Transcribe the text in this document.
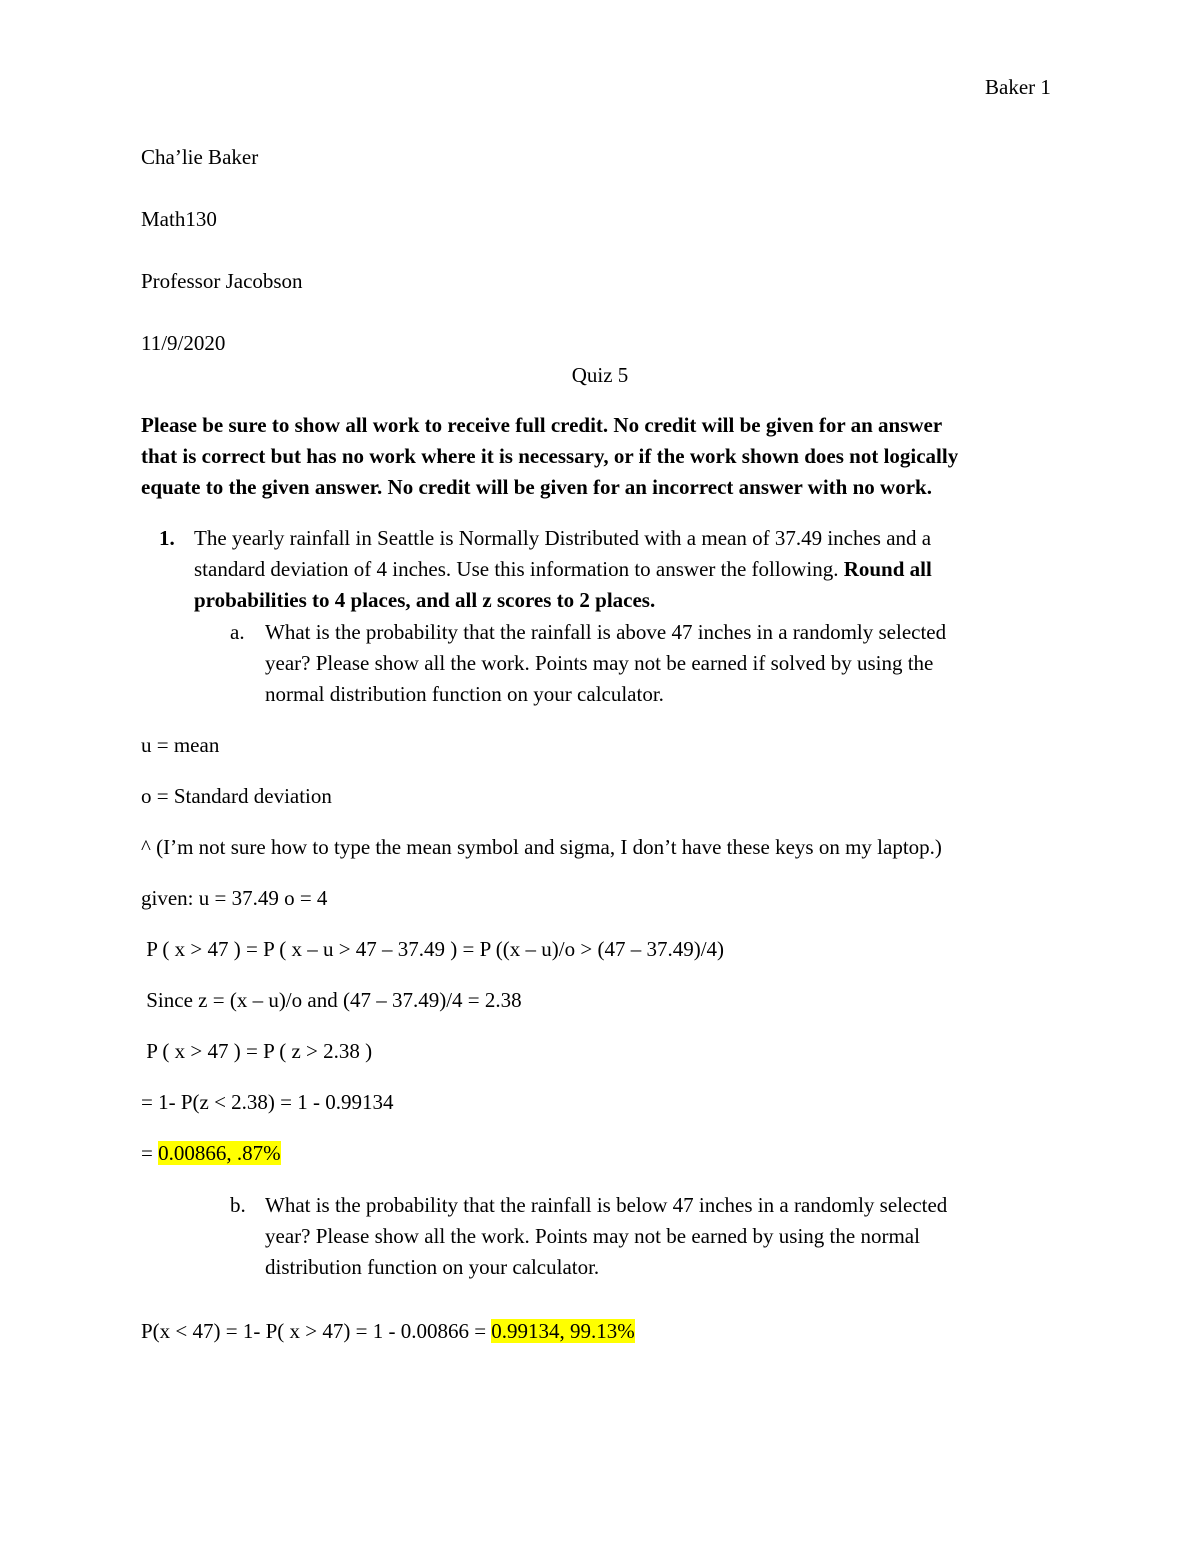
Baker 1
Cha’lie Baker
Math130
Professor Jacobson
11/9/2020
Quiz 5
Please be sure to show all work to receive full credit. No credit will be given for an answer
that is correct but has no work where it is necessary, or if the work shown does not logically
equate to the given answer. No credit will be given for an incorrect answer with no work.
1. The yearly rainfall in Seattle is Normally Distributed with a mean of 37.49 inches and a
standard deviation of 4 inches. Use this information to answer the following. Round all
probabilities to 4 places, and all z scores to 2 places.
a. What is the probability that the rainfall is above 47 inches in a randomly selected
year? Please show all the work. Points may not be earned if solved by using the
normal distribution function on your calculator.
u = mean
o = Standard deviation
^ (I’m not sure how to type the mean symbol and sigma, I don’t have these keys on my laptop.)
given: u = 37.49 o = 4
P ( x > 47 ) = P ( x – u > 47 – 37.49 ) = P ((x – u)/o > (47 – 37.49)/4)
Since z = (x – u)/o and (47 – 37.49)/4 = 2.38
P ( x > 47 ) = P ( z > 2.38 )
= 1- P(z < 2.38) = 1 - 0.99134
= 0.00866, .87%
b. What is the probability that the rainfall is below 47 inches in a randomly selected
year? Please show all the work. Points may not be earned by using the normal
distribution function on your calculator.
P(x < 47) = 1- P( x > 47) = 1 - 0.00866 = 0.99134, 99.13%
